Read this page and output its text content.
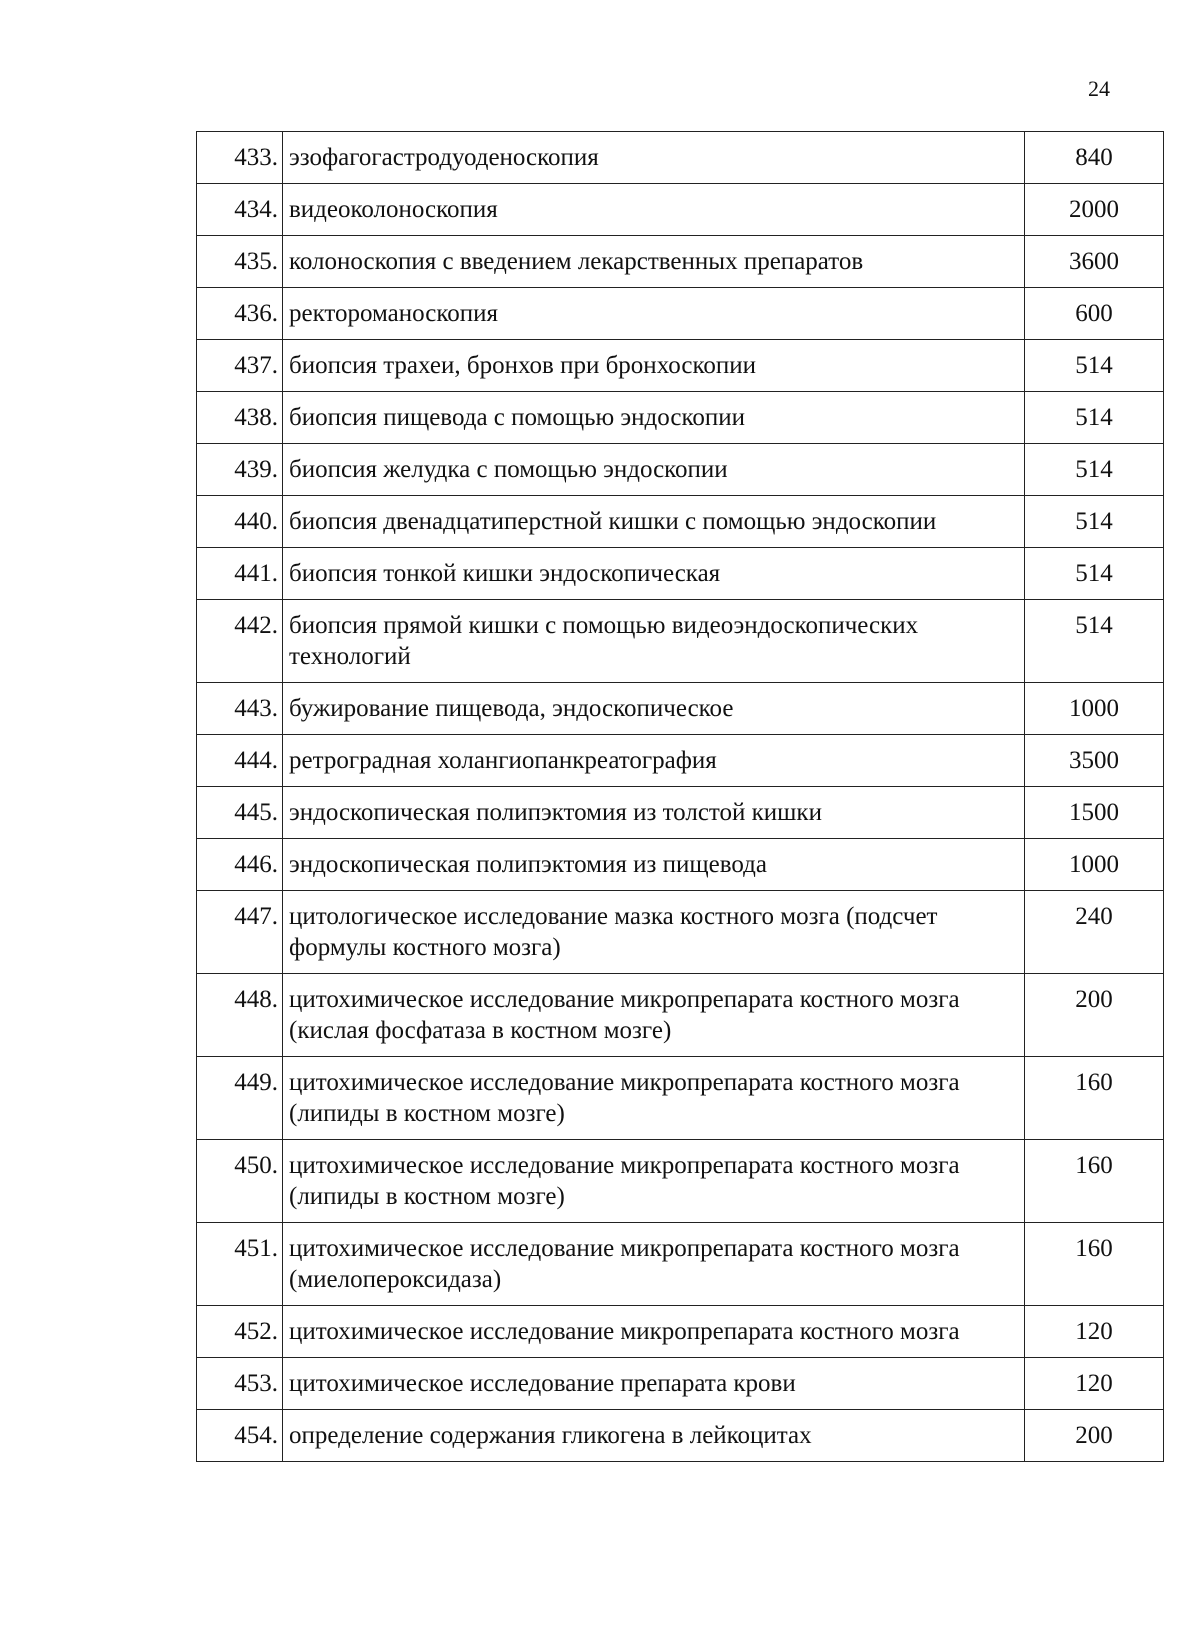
24
433.	эзофагогастродуоденоскопия	840
434.	видеоколоноскопия	2000
435.	колоноскопия с введением лекарственных препаратов	3600
436.	ректороманоскопия	600
437.	биопсия трахеи, бронхов при бронхоскопии	514
438.	биопсия пищевода с помощью эндоскопии	514
439.	биопсия желудка с помощью эндоскопии	514
440.	биопсия двенадцатиперстной кишки с помощью эндоскопии	514
441.	биопсия тонкой кишки эндоскопическая	514
442.	биопсия прямой кишки с помощью видеоэндоскопических технологий	514
443.	бужирование пищевода, эндоскопическое	1000
444.	ретроградная холангиопанкреатография	3500
445.	эндоскопическая полипэктомия из толстой кишки	1500
446.	эндоскопическая полипэктомия из пищевода	1000
447.	цитологическое исследование мазка костного мозга (подсчет формулы костного мозга)	240
448.	цитохимическое исследование микропрепарата костного мозга (кислая фосфатаза в костном мозге)	200
449.	цитохимическое исследование микропрепарата костного мозга (липиды в костном мозге)	160
450.	цитохимическое исследование микропрепарата костного мозга (липиды в костном мозге)	160
451.	цитохимическое исследование микропрепарата костного мозга (миелопероксидаза)	160
452.	цитохимическое исследование микропрепарата костного мозга	120
453.	цитохимическое исследование препарата крови	120
454.	определение содержания гликогена в лейкоцитах	200
